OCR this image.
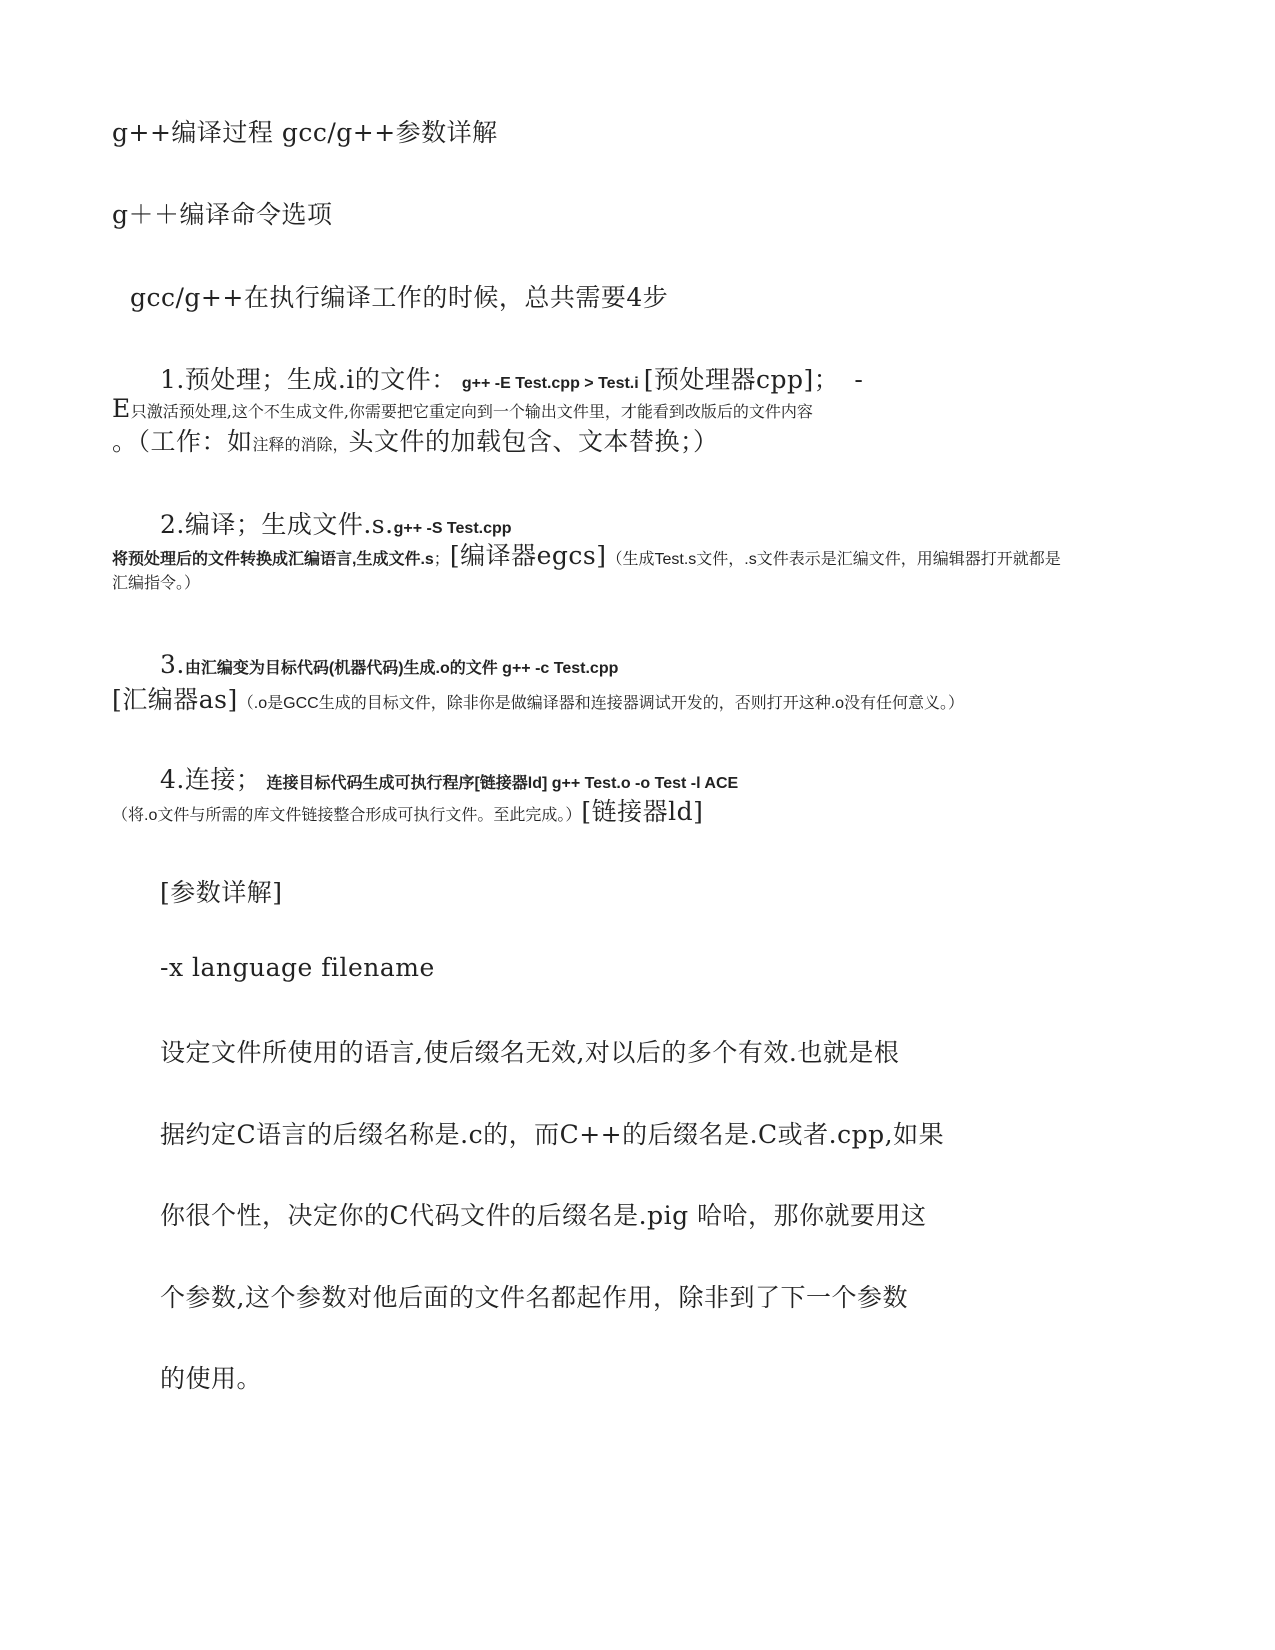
g++编译过程 gcc/g++参数详解
g＋＋编译命令选项
gcc/g++在执行编译工作的时候，总共需要4步
1.预处理；生成.i的文件： g++ -E Test.cpp > Test.i [预处理器cpp]； -
E只激活预处理,这个不生成文件,你需要把它重定向到一个输出文件里，才能看到改版后的文件内容
。（工作：如注释的消除，头文件的加载包含、文本替换；）
2.编译；生成文件.s.g++ -S Test.cpp
将预处理后的文件转换成汇编语言,生成文件.s；[编译器egcs]（生成Test.s文件，.s文件表示是汇编文件，用编辑器打开就都是
汇编指令。）
3.由汇编变为目标代码(机器代码)生成.o的文件 g++ -c Test.cpp
[汇编器as]（.o是GCC生成的目标文件，除非你是做编译器和连接器调试开发的，否则打开这种.o没有任何意义。）
4.连接； 连接目标代码生成可执行程序[链接器ld] g++ Test.o -o Test -l ACE
（将.o文件与所需的库文件链接整合形成可执行文件。至此完成。）[链接器ld]
[参数详解]
-x language filename
设定文件所使用的语言,使后缀名无效,对以后的多个有效.也就是根
据约定C语言的后缀名称是.c的，而C++的后缀名是.C或者.cpp,如果
你很个性，决定你的C代码文件的后缀名是.pig 哈哈，那你就要用这
个参数,这个参数对他后面的文件名都起作用，除非到了下一个参数
的使用。
